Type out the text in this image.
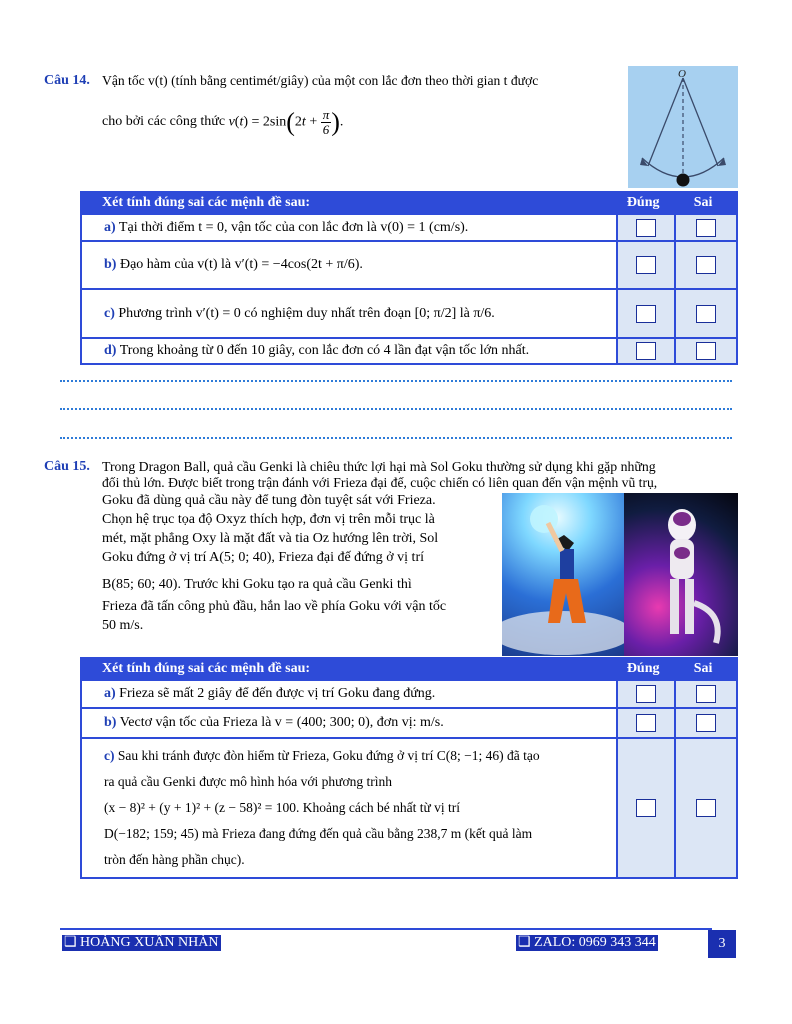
Câu 14. Vận tốc v(t) (tính bằng centimét/giây) của một con lắc đơn theo thời gian t được
cho bởi các công thức
$v(t) = 2\sin(2t + \frac{\pi}{6}$ ).
O
Xét tính đúng sai các mệnh đề sau:	Đúng	Sai
a) Tại thời điểm t = 0, vận tốc của con lắc đơn là v(0) = 1 (cm/s).		
b) Đạo hàm của v(t) là v′(t) = −4cos(2t + π/6).		
c) Phương trình v′(t) = 0 có nghiệm duy nhất trên đoạn [0; π/2] là π/6.		
d) Trong khoảng từ 0 đến 10 giây, con lắc đơn có 4 lần đạt vận tốc lớn nhất.		
Câu 15. Trong Dragon Ball, quả cầu Genki là chiêu thức lợi hại mà Sol Goku thường sử dụng khi gặp những
đối thủ lớn. Được biết trong trận đánh với Frieza đại đế, cuộc chiến có liên quan đến vận mệnh vũ trụ,
Goku đã dùng quả cầu này để tung đòn tuyệt sát với Frieza.
Chọn hệ trục tọa độ Oxyz thích hợp, đơn vị trên mỗi trục là
mét, mặt phẳng Oxy là mặt đất và tia Oz hướng lên trời, Sol
Goku đứng ở vị trí A(5; 0; 40), Frieza đại đế đứng ở vị trí
B(85; 60; 40). Trước khi Goku tạo ra quả cầu Genki thì
Frieza đã tấn công phủ đầu, hắn lao về phía Goku với vận tốc
50 m/s.
Xét tính đúng sai các mệnh đề sau:	Đúng	Sai
a) Frieza sẽ mất 2 giây để đến được vị trí Goku đang đứng.		
b) Vectơ vận tốc của Frieza là v = (400; 300; 0), đơn vị: m/s.		

c) Sau khi tránh được đòn hiểm từ Frieza, Goku đứng ở vị trí C(8; −1; 46) đã tạo
ra quả cầu Genki được mô hình hóa với phương trình
(x − 8)² + (y + 1)² + (z − 58)² = 100. Khoảng cách bé nhất từ vị trí
D(−182; 159; 45) mà Frieza đang đứng đến quả cầu bằng 238,7 m (kết quả làm
tròn đến hàng phần chục).		

❑ HOÀNG XUÂN NHÀN	❑ ZALO: 0969 343 344	3
